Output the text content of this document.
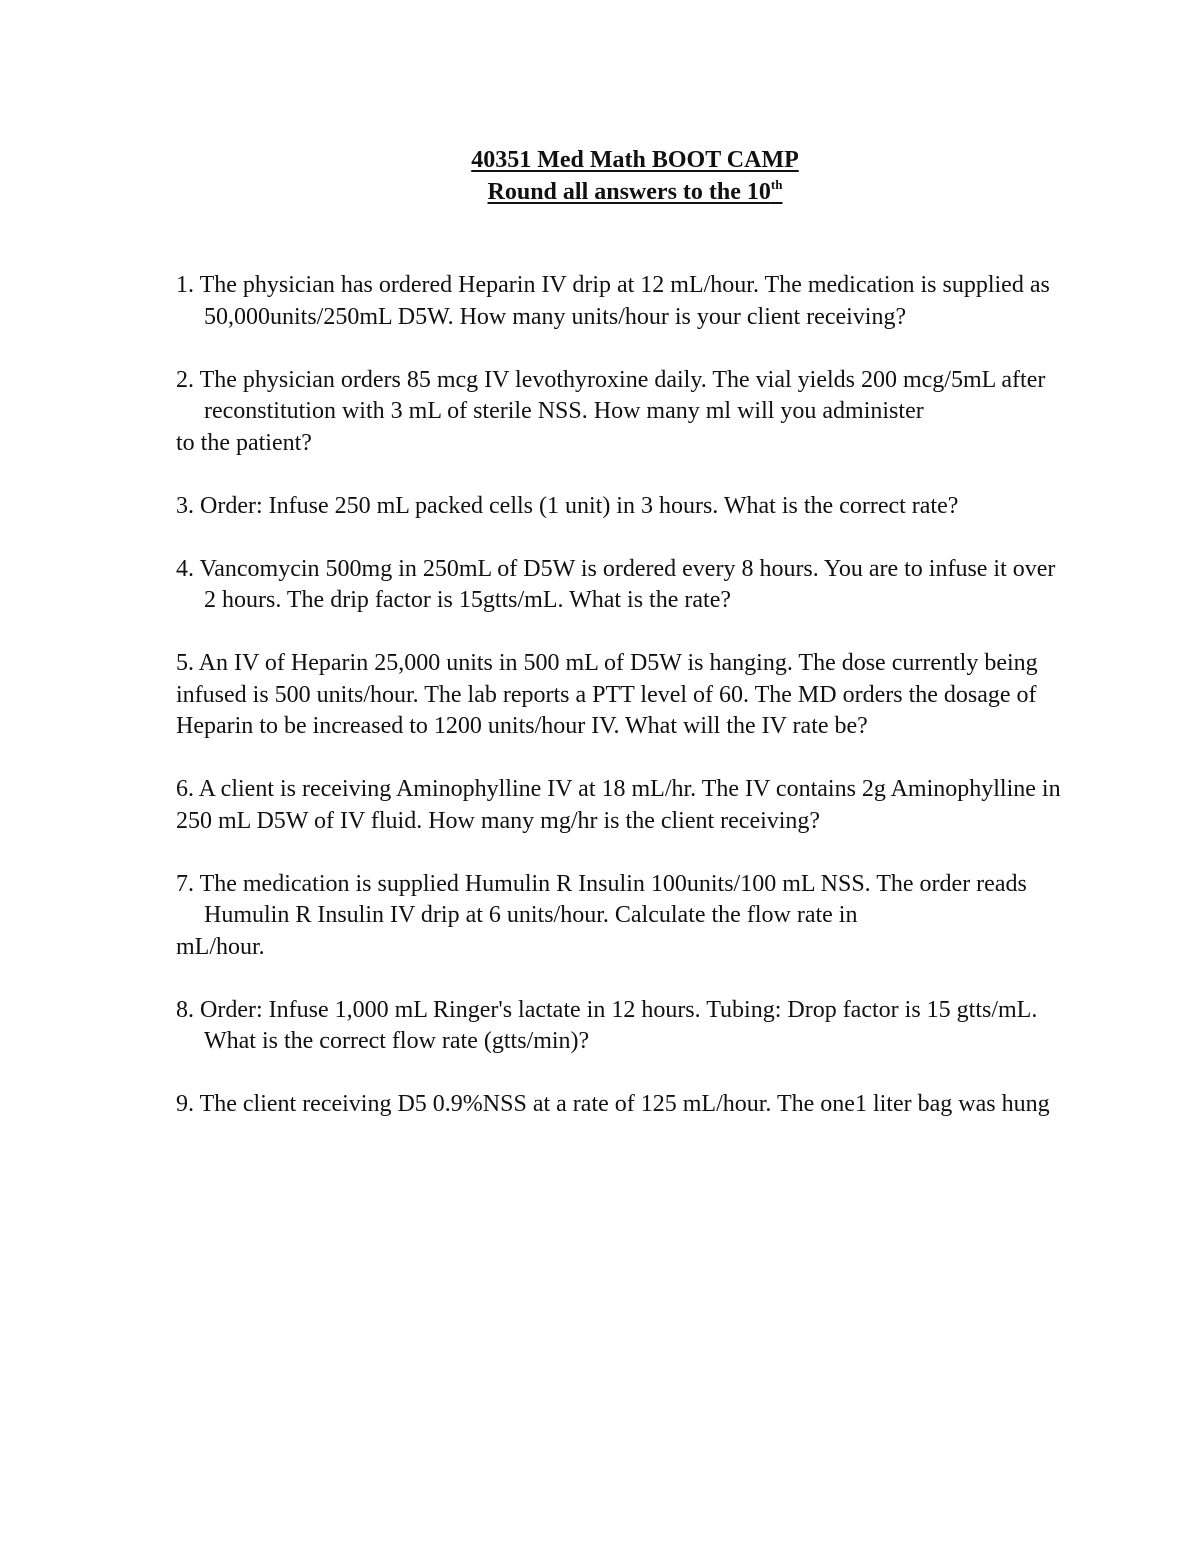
40351 Med Math BOOT CAMP
Round all answers to the 10th

1. The physician has ordered Heparin IV drip at 12 mL/hour. The medication is supplied as

50,000units/250mL D5W. How many units/hour is your client receiving?

2. The physician orders 85 mcg IV levothyroxine daily. The vial yields 200 mcg/5mL after

reconstitution with 3 mL of sterile NSS. How many ml will you administer

to the patient?

3. Order: Infuse 250 mL packed cells (1 unit) in 3 hours. What is the correct rate?

4. Vancomycin 500mg in 250mL of D5W is ordered every 8 hours. You are to infuse it over

2 hours. The drip factor is 15gtts/mL. What is the rate?

5. An IV of Heparin 25,000 units in 500 mL of D5W is hanging. The dose currently being infused is 500 units/hour. The lab reports a PTT level of 60. The MD orders the dosage of Heparin to be increased to 1200 units/hour IV. What will the IV rate be?

6. A client is receiving Aminophylline IV at 18 mL/hr. The IV contains 2g Aminophylline in 250 mL D5W of IV fluid. How many mg/hr is the client receiving?

7. The medication is supplied Humulin R Insulin 100units/100 mL NSS. The order reads

Humulin R Insulin IV drip at 6 units/hour. Calculate the flow rate in

mL/hour.

8. Order: Infuse 1,000 mL Ringer's lactate in 12 hours. Tubing: Drop factor is 15 gtts/mL.

What is the correct flow rate (gtts/min)?

9. The client receiving D5 0.9%NSS at a rate of 125 mL/hour. The one1 liter bag was hung
